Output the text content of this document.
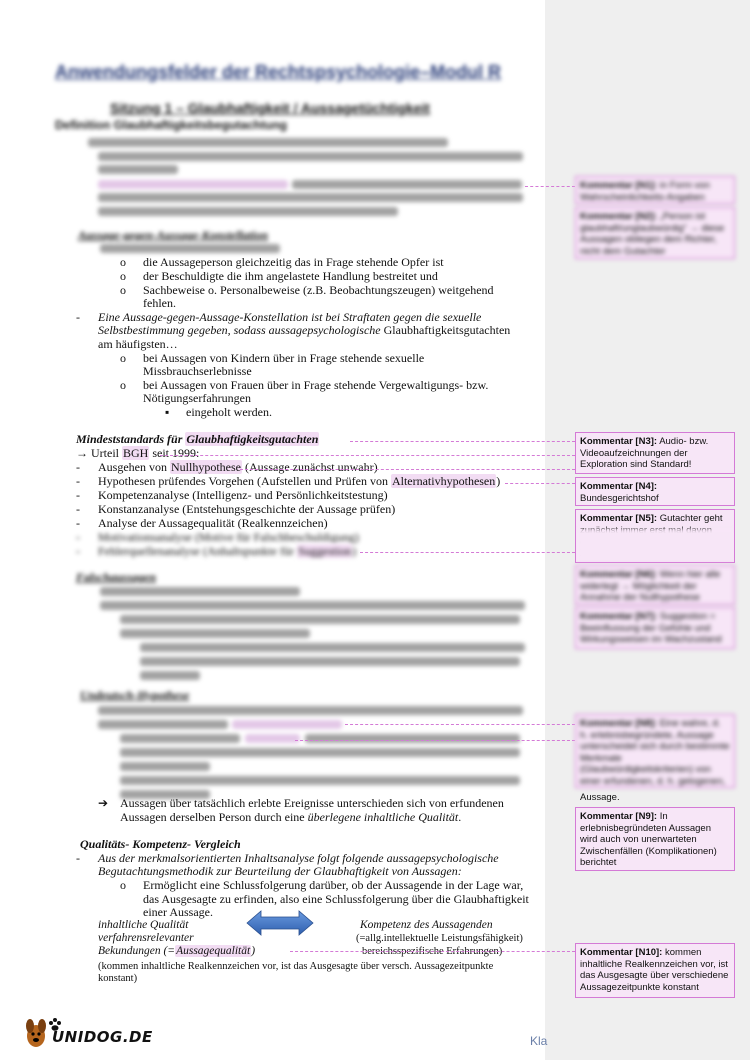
Anwendungsfelder der Rechtspsychologie–Modul R
Sitzung 1 – Glaubhaftigkeit / Aussagetüchtigkeit
Definition Glaubhaftigkeitsbegutachtung
Aussage-gegen-Aussage-Konstellation
o die Aussageperson gleichzeitig das in Frage stehende Opfer ist
o der Beschuldigte die ihm angelastete Handlung bestreitet und
o Sachbeweise o. Personalbeweise (z.B. Beobachtungszeugen) weitgehend
fehlen.
- Eine Aussage-gegen-Aussage-Konstellation ist bei Straftaten gegen die sexuelle
Selbstbestimmung gegeben, sodass aussagepsychologische Glaubhaftigkeitsgutachten
am häufigsten…
o bei Aussagen von Kindern über in Frage stehende sexuelle
Missbrauchserlebnisse
o bei Aussagen von Frauen über in Frage stehende Vergewaltigungs- bzw.
Nötigungserfahrungen
▪ eingeholt werden.
Mindeststandards für Glaubhaftigkeitsgutachten
→ Urteil BGH seit 1999:
- Ausgehen von Nullhypothese (Aussage zunächst unwahr)
- Hypothesen prüfendes Vorgehen (Aufstellen und Prüfen von Alternativhypothesen)
- Kompetenzanalyse (Intelligenz- und Persönlichkeitstestung)
- Konstanzanalyse (Entstehungsgeschichte der Aussage prüfen)
- Analyse der Aussagequalität (Realkennzeichen)
- Motivationsanalyse (Motive für Falschbeschuldigung)
- Fehlerquellenanalyse (Anhaltspunkte für Suggestion)
Falschaussagen
Undeutsch-Hypothese
➔ Aussagen über tatsächlich erlebte Ereignisse unterschieden sich von erfundenen
Aussagen derselben Person durch eine überlegene inhaltliche Qualität.
Qualitäts- Kompetenz- Vergleich
- Aus der merkmalsorientierten Inhaltsanalyse folgt folgende aussagepsychologische
Begutachtungsmethodik zur Beurteilung der Glaubhaftigkeit von Aussagen:
o Ermöglicht eine Schlussfolgerung darüber, ob der Aussagende in der Lage war,
das Ausgesagte zu erfinden, also eine Schlussfolgerung über die Glaubhaftigkeit
einer Aussage.
inhaltliche Qualität
verfahrensrelevanter
Bekundungen (=Aussagequalität)
Kompetenz des Aussagenden
(=allg.intellektuelle Leistungsfähigkeit)
bereichsspezifische Erfahrungen)
(kommen inhaltliche Realkennzeichen vor, ist das Ausgesagte über versch. Aussagezeitpunkte
konstant)
UNIDOG.DE	Kla
Kommentar [N1]: in Form von Wahrscheinlichkeits-Angaben
Kommentar [N2]: „Person ist glaubhaft/unglaubwürdig“ → diese Aussagen obliegen dem Richter, nicht dem Gutachter
Kommentar [N3]: Audio- bzw. Videoaufzeichnungen der Exploration sind Standard!
Kommentar [N4]: Bundesgerichtshof
Kommentar [N5]: Gutachter geht
Kommentar [N6]: Wenn hier alle widerlegt → Möglichkeit der Annahme der Nullhypothese
Kommentar [N7]: Suggestion = Beeinflussung der Gefühle und Wirkungsweisen im Wachzustand
Kommentar [N8]: Eine wahre, d. h. erlebnisbegründete, Aussage unterscheidet sich durch bestimmte Merkmale (Glaubwürdigkeitskriterien) von einer erfundenen, d. h. gelogenen,
Aussage.
Kommentar [N9]: In erlebnisbegründeten Aussagen wird auch von unerwarteten Zwischenfällen (Komplikationen) berichtet
Kommentar [N10]: kommen inhaltliche Realkennzeichen vor, ist das Ausgesagte über verschiedene Aussagezeitpunkte konstant
